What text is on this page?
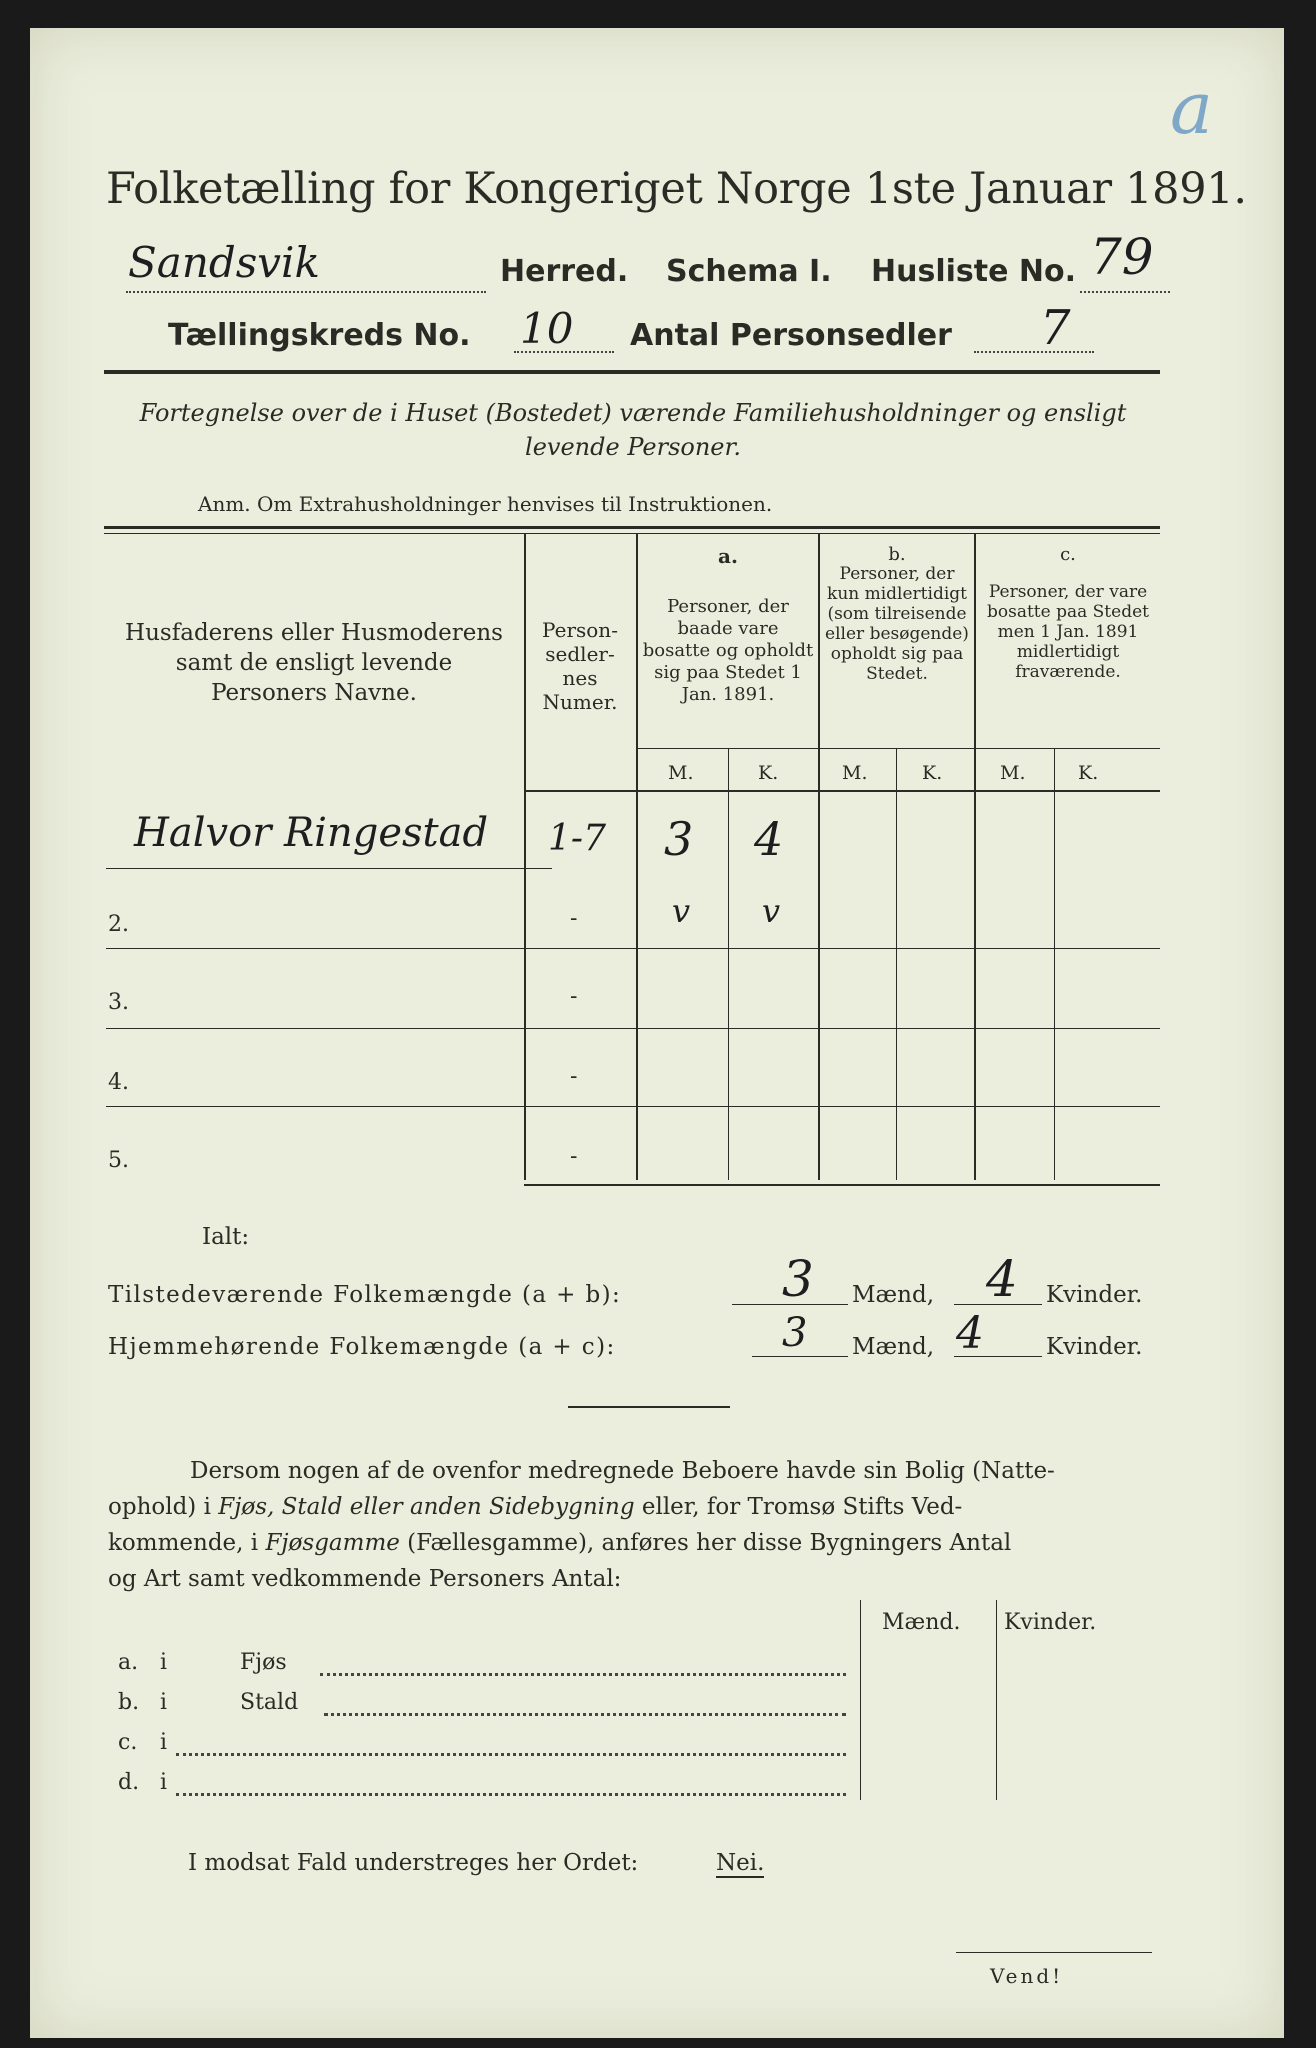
a
Folketælling for Kongeriget Norge 1ste Januar 1891.
Sandsvik	Herred. Schema I. Husliste No. 79
Tællingskreds No. 10 Antal Personsedler 7
Fortegnelse over de i Huset (Bostedet) værende Familiehusholdninger og ensligt levende Personer.
Anm. Om Extrahusholdninger henvises til Instruktionen.
Husfaderens eller Husmoderens samt de ensligt levende Personers Navne.
Person-sedler-nes Numer.
a.
Personer, der baade vare bosatte og opholdt sig paa Stedet 1 Jan. 1891.
b.
Personer, der kun midlertidigt (som tilreisende eller besøgende) opholdt sig paa Stedet.
c.
Personer, der vare bosatte paa Stedet men 1 Jan. 1891 midlertidigt fraværende.
M.	K.	M.	K.	M.	K.
Halvor Ringestad 1-7 3 4
2.	-	v v
3.	-
4.	-
5.	-
Ialt:
Tilstedeværende Folkemængde (a + b):	3 Mænd, 4 Kvinder.
Hjemmehørende Folkemængde (a + c):	3 Mænd, 4	Kvinder.
Dersom nogen af de ovenfor medregnede Beboere havde sin Bolig (Natte-
ophold) i Fjøs, Stald eller anden Sidebygning eller, for Tromsø Stifts Ved-
kommende, i Fjøsgamme (Fællesgamme), anføres her disse Bygningers Antal
og Art samt vedkommende Personers Antal:
Mænd. Kvinder.
a. i	Fjøs
b. i	Stald
c. i
d. i
I modsat Fald understreges her Ordet:	Nei.
Vend!
